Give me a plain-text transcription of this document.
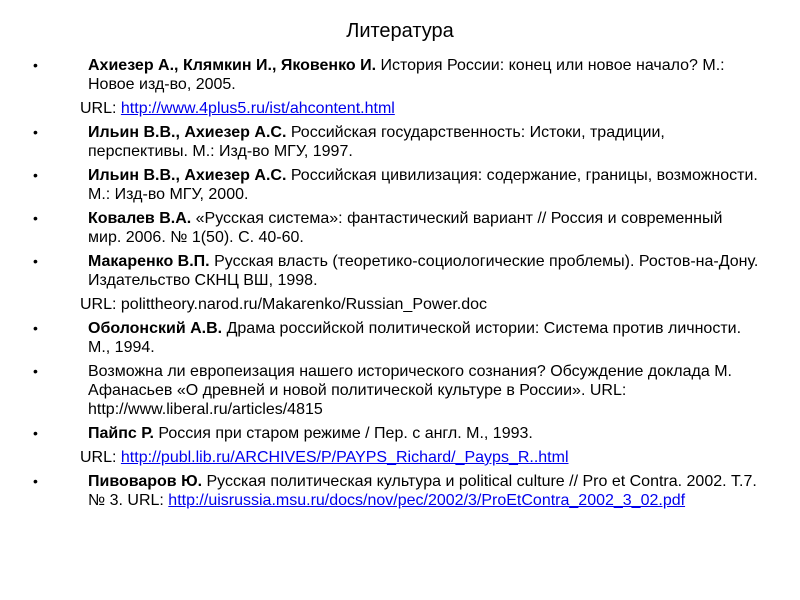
Литература
•	Ахиезер А., Клямкин И., Яковенко И. История России: конец или новое начало? М.: Новое изд-во, 2005.
URL: http://www.4plus5.ru/ist/ahcontent.html
•	Ильин В.В., Ахиезер А.С. Российская государственность: Истоки, традиции, перспективы. М.: Изд-во МГУ, 1997.
•	Ильин В.В., Ахиезер А.С. Российская цивилизация: содержание, границы, возможности. М.: Изд-во МГУ, 2000.
•	Ковалев В.А. «Русская система»: фантастический вариант // Россия и современный мир. 2006. № 1(50). С. 40-60.
•	Макаренко В.П. Русская власть (теоретико-социологические проблемы). Ростов-на-Дону. Издательство СКНЦ ВШ, 1998.
URL: polittheory.narod.ru/Makarenko/Russian_Power.doc
•	Оболонский А.В. Драма российской политической истории: Система против личности. М., 1994.
•	Возможна ли европеизация нашего исторического сознания? Обсуждение доклада М. Афанасьев «О древней и новой политической культуре в России». URL: http://www.liberal.ru/articles/4815
•	Пайпс Р. Россия при старом режиме / Пер. с англ. М., 1993.
URL: http://publ.lib.ru/ARCHIVES/P/PAYPS_Richard/_Payps_R..html
•	Пивоваров Ю. Русская политическая культура и political culture // Pro et Contra. 2002. Т.7. № 3. URL: http://uisrussia.msu.ru/docs/nov/pec/2002/3/ProEtContra_2002_3_02.pdf
